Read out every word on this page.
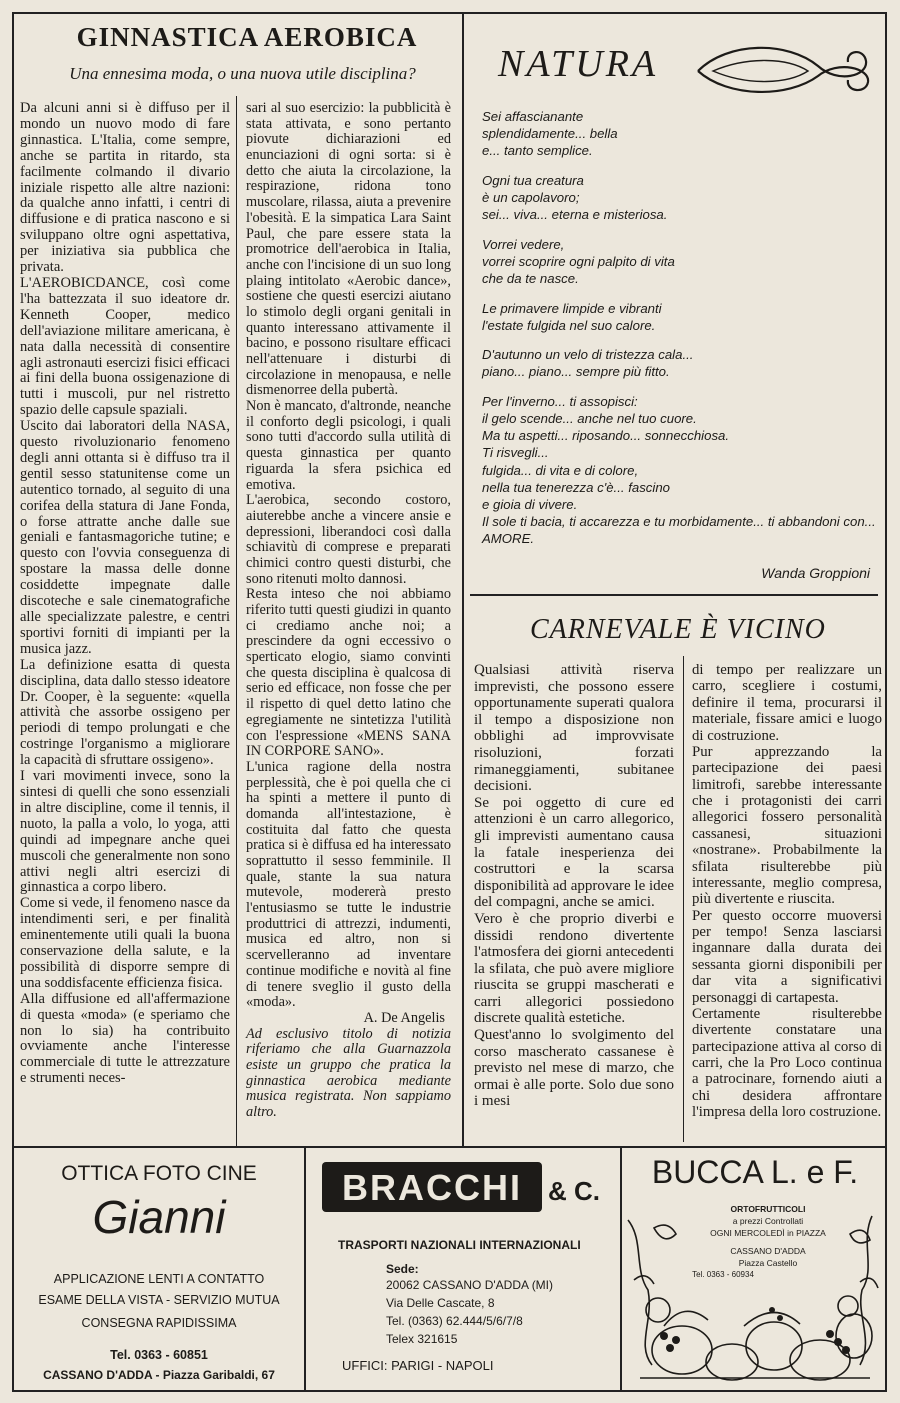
GINNASTICA AEROBICA
Una ennesima moda, o una nuova utile disciplina?

Da alcuni anni si è diffuso per il mondo un nuovo modo di fare ginnastica. L'Italia, come sempre, anche se partita in ritardo, sta facilmente colmando il divario iniziale rispetto alle altre nazioni: da qualche anno infatti, i centri di diffusione e di pratica nascono e si sviluppano oltre ogni aspettativa, per iniziativa sia pubblica che privata.

L'AEROBICDANCE, così come l'ha battezzata il suo ideatore dr. Kenneth Cooper, medico dell'aviazione militare americana, è nata dalla necessità di consentire agli astronauti esercizi fisici efficaci ai fini della buona ossigenazione di tutti i muscoli, pur nel ristretto spazio delle capsule spaziali.

Uscito dai laboratori della NASA, questo rivoluzionario fenomeno degli anni ottanta si è diffuso tra il gentil sesso statunitense come un autentico tornado, al seguito di una corifea della statura di Jane Fonda, o forse attratte anche dalle sue geniali e fantasmagoriche tutine; e questo con l'ovvia conseguenza di spostare la massa delle donne cosiddette impegnate dalle discoteche e sale cinematografiche alle specializzate palestre, e centri sportivi forniti di impianti per la musica jazz.

La definizione esatta di questa disciplina, data dallo stesso ideatore Dr. Cooper, è la seguente: «quella attività che assorbe ossigeno per periodi di tempo prolungati e che costringe l'organismo a migliorare la capacità di sfruttare ossigeno».

I vari movimenti invece, sono la sintesi di quelli che sono essenziali in altre discipline, come il tennis, il nuoto, la palla a volo, lo yoga, atti quindi ad impegnare anche quei muscoli che generalmente non sono attivi negli altri esercizi di ginnastica a corpo libero.

Come si vede, il fenomeno nasce da intendimenti seri, e per finalità eminentemente utili quali la buona conservazione della salute, e la possibilità di disporre sempre di una soddisfacente efficienza fisica.

Alla diffusione ed all'affermazione di questa «moda» (e speriamo che non lo sia) ha contribuito ovviamente anche l'interesse commerciale di tutte le attrezzature e strumenti neces-

sari al suo esercizio: la pubblicità è stata attivata, e sono pertanto piovute dichiarazioni ed enunciazioni di ogni sorta: si è detto che aiuta la circolazione, la respirazione, ridona tono muscolare, rilassa, aiuta a prevenire l'obesità. E la simpatica Lara Saint Paul, che pare essere stata la promotrice dell'aerobica in Italia, anche con l'incisione di un suo long plaing intitolato «Aerobic dance», sostiene che questi esercizi aiutano lo stimolo degli organi genitali in quanto interessano attivamente il bacino, e possono risultare efficaci nell'attenuare i disturbi di circolazione in menopausa, e nelle dismenorree della pubertà.

Non è mancato, d'altronde, neanche il conforto degli psicologi, i quali sono tutti d'accordo sulla utilità di questa ginnastica per quanto riguarda la sfera psichica ed emotiva.

L'aerobica, secondo costoro, aiuterebbe anche a vincere ansie e depressioni, liberandoci così dalla schiavitù di comprese e preparati chimici contro questi disturbi, che sono ritenuti molto dannosi.

Resta inteso che noi abbiamo riferito tutti questi giudizi in quanto ci crediamo anche noi; a prescindere da ogni eccessivo o sperticato elogio, siamo convinti che questa disciplina è qualcosa di serio ed efficace, non fosse che per il rispetto di quel detto latino che egregiamente ne sintetizza l'utilità con l'espressione «MENS SANA IN CORPORE SANO».

L'unica ragione della nostra perplessità, che è poi quella che ci ha spinti a mettere il punto di domanda all'intestazione, è costituita dal fatto che questa pratica si è diffusa ed ha interessato soprattutto il sesso femminile. Il quale, stante la sua natura mutevole, modererà presto l'entusiasmo se tutte le industrie produttrici di attrezzi, indumenti, musica ed altro, non si scervelleranno ad inventare continue modifiche e novità al fine di tenere sveglio il gusto della «moda».

A. De Angelis

Ad esclusivo titolo di notizia riferiamo che alla Guarnazzola esiste un gruppo che pratica la ginnastica aerobica mediante musica registrata. Non sappiamo altro.

NATURA
Sei affascianante
splendidamente... bella
e... tanto semplice.
Ogni tua creatura
è un capolavoro;
sei... viva... eterna e misteriosa.
Vorrei vedere,
vorrei scoprire ogni palpito di vita
che da te nasce.
Le primavere limpide e vibranti
l'estate fulgida nel suo calore.
D'autunno un velo di tristezza cala...
piano... piano... sempre più fitto.
Per l'inverno... ti assopisci:
il gelo scende... anche nel tuo cuore.
Ma tu aspetti... riposando... sonnecchiosa.
Ti risvegli...
fulgida... di vita e di colore,
nella tua tenerezza c'è... fascino
e gioia di vivere.
Il sole ti bacia, ti accarezza e tu morbidamente... ti abbandoni con... AMORE.
Wanda Groppioni
CARNEVALE È VICINO

Qualsiasi attività riserva imprevisti, che possono essere opportunamente superati qualora il tempo a disposizione non obblighi ad improvvisate risoluzioni, forzati rimaneggiamenti, subitanee decisioni.

Se poi oggetto di cure ed attenzioni è un carro allegorico, gli imprevisti aumentano causa la fatale inesperienza dei costruttori e la scarsa disponibilità ad approvare le idee del compagni, anche se amici.

Vero è che proprio diverbi e dissidi rendono divertente l'atmosfera dei giorni antecedenti la sfilata, che può avere migliore riuscita se gruppi mascherati e carri allegorici possiedono discrete qualità estetiche.

Quest'anno lo svolgimento del corso mascherato cassanese è previsto nel mese di marzo, che ormai è alle porte. Solo due sono i mesi

di tempo per realizzare un carro, scegliere i costumi, definire il tema, procurarsi il materiale, fissare amici e luogo di costruzione.

Pur apprezzando la partecipazione dei paesi limitrofi, sarebbe interessante che i protagonisti dei carri allegorici fossero personalità cassanesi, situazioni «nostrane». Probabilmente la sfilata risulterebbe più interessante, meglio compresa, più divertente e riuscita.

Per questo occorre muoversi per tempo! Senza lasciarsi ingannare dalla durata dei sessanta giorni disponibili per dar vita a significativi personaggi di cartapesta.

Certamente risulterebbe divertente constatare una partecipazione attiva al corso di carri, che la Pro Loco continua a patrocinare, fornendo aiuti a chi desidera affrontare l'impresa della loro costruzione.

OTTICA FOTO CINE
Gianni
APPLICAZIONE LENTI A CONTATTO
ESAME DELLA VISTA - SERVIZIO MUTUA
CONSEGNA RAPIDISSIMA
Tel. 0363 - 60851
CASSANO D'ADDA - Piazza Garibaldi, 67
BRACCHI	& C.
TRASPORTI NAZIONALI INTERNAZIONALI
Sede:
20062 CASSANO D'ADDA (MI)
Via Delle Cascate, 8
Tel. (0363) 62.444/5/6/7/8
Telex 321615
UFFICI: PARIGI - NAPOLI
BUCCA L. e F.
ORTOFRUTTICOLI
a prezzi Controllati
OGNI MERCOLEDÌ in PIAZZA
CASSANO D'ADDA
Piazza Castello
Tel. 0363 - 60934
